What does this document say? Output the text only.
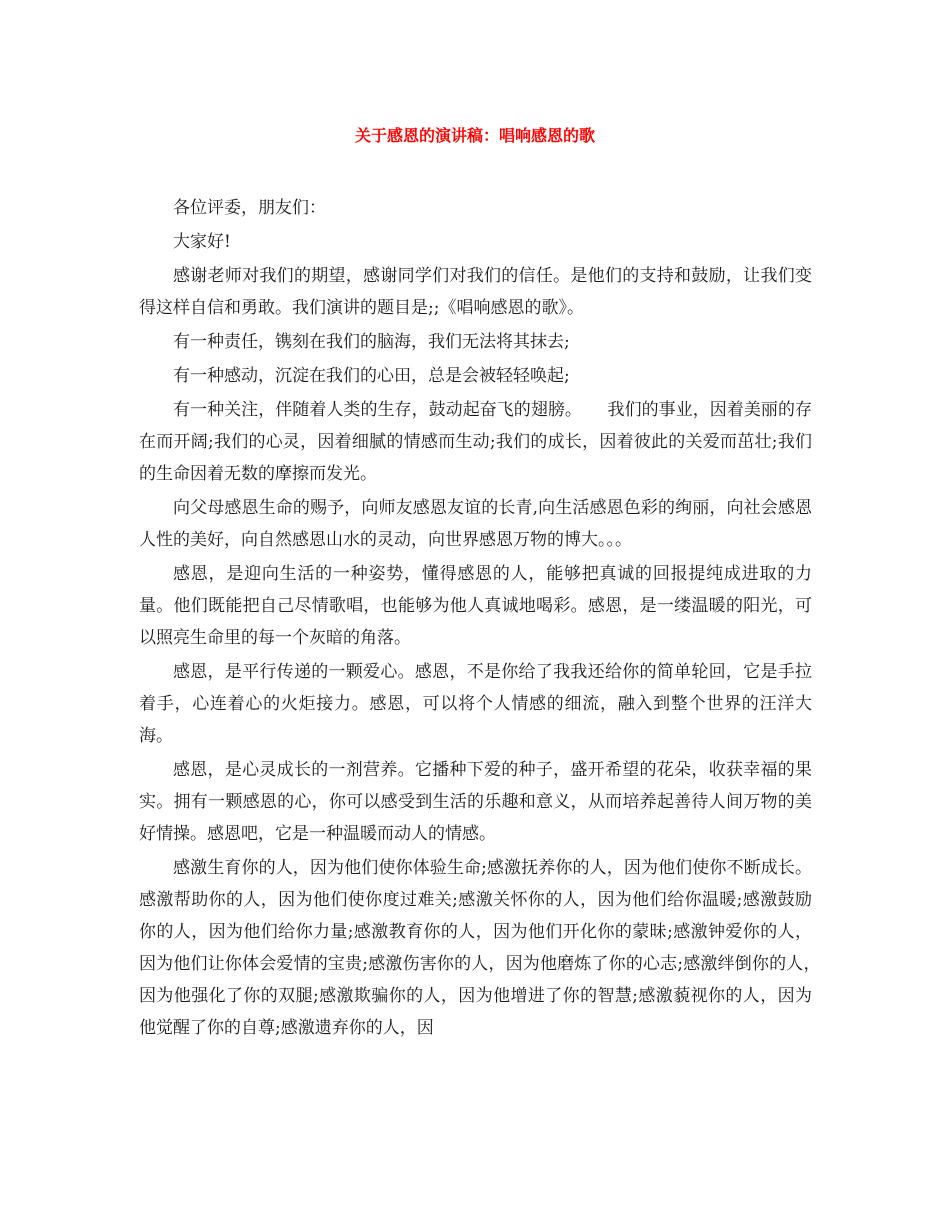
关于感恩的演讲稿：唱响感恩的歌

各位评委，朋友们：

大家好!

感谢老师对我们的期望，感谢同学们对我们的信任。是他们的支持和鼓励，让我们变得这样自信和勇敢。我们演讲的题目是;;《唱响感恩的歌》。

有一种责任，镌刻在我们的脑海，我们无法将其抹去;

有一种感动，沉淀在我们的心田，总是会被轻轻唤起;

有一种关注，伴随着人类的生存，鼓动起奋飞的翅膀。　　我们的事业，因着美丽的存在而开阔;我们的心灵，因着细腻的情感而生动;我们的成长，因着彼此的关爱而茁壮;我们的生命因着无数的摩擦而发光。

向父母感恩生命的赐予，向师友感恩友谊的长青,向生活感恩色彩的绚丽，向社会感恩人性的美好，向自然感恩山水的灵动，向世界感恩万物的博大。。。

感恩，是迎向生活的一种姿势，懂得感恩的人，能够把真诚的回报提纯成进取的力量。他们既能把自己尽情歌唱，也能够为他人真诚地喝彩。感恩，是一缕温暖的阳光，可以照亮生命里的每一个灰暗的角落。

感恩，是平行传递的一颗爱心。感恩，不是你给了我我还给你的简单轮回，它是手拉着手，心连着心的火炬接力。感恩，可以将个人情感的细流，融入到整个世界的汪洋大海。

感恩，是心灵成长的一剂营养。它播种下爱的种子，盛开希望的花朵，收获幸福的果实。拥有一颗感恩的心，你可以感受到生活的乐趣和意义，从而培养起善待人间万物的美好情操。感恩吧，它是一种温暖而动人的情感。

感激生育你的人，因为他们使你体验生命;感激抚养你的人，因为他们使你不断成长。感激帮助你的人，因为他们使你度过难关;感激关怀你的人，因为他们给你温暖;感激鼓励你的人，因为他们给你力量;感激教育你的人，因为他们开化你的蒙昧;感激钟爱你的人，因为他们让你体会爱情的宝贵;感激伤害你的人，因为他磨炼了你的心志;感激绊倒你的人，　因为他强化了你的双腿;感激欺骗你的人，因为他增进了你的智慧;感激藐视你的人，因为他觉醒了你的自尊;感激遗弃你的人，因
